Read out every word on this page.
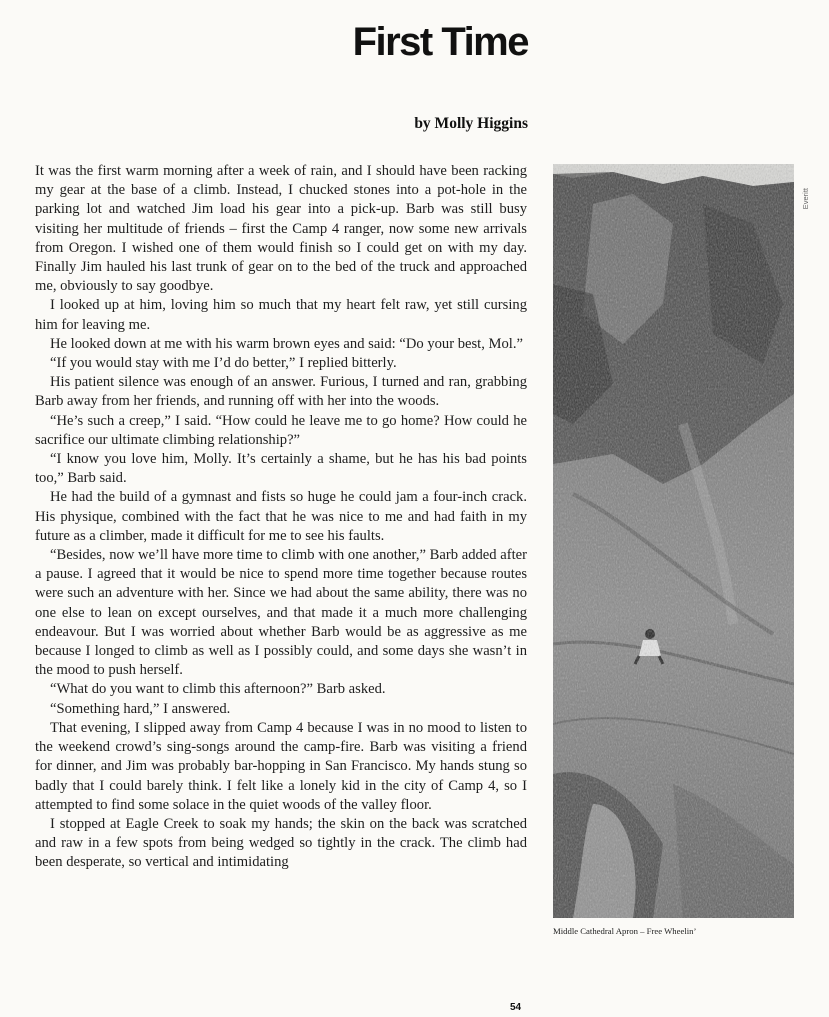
First Time
by Molly Higgins

It was the first warm morning after a week of rain, and I should have been racking my gear at the base of a climb. Instead, I chucked stones into a pot-hole in the parking lot and watched Jim load his gear into a pick-up. Barb was still busy visiting her multitude of friends – first the Camp 4 ranger, now some new arrivals from Oregon. I wished one of them would finish so I could get on with my day. Finally Jim hauled his last trunk of gear on to the bed of the truck and approached me, obviously to say goodbye.

I looked up at him, loving him so much that my heart felt raw, yet still cursing him for leaving me.

He looked down at me with his warm brown eyes and said: “Do your best, Mol.”

“If you would stay with me I’d do better,” I replied bitterly.

His patient silence was enough of an answer. Furious, I turned and ran, grabbing Barb away from her friends, and running off with her into the woods.

“He’s such a creep,” I said. “How could he leave me to go home? How could he sacrifice our ultimate climbing relationship?”

“I know you love him, Molly. It’s certainly a shame, but he has his bad points too,” Barb said.

He had the build of a gymnast and fists so huge he could jam a four-inch crack. His physique, combined with the fact that he was nice to me and had faith in my future as a climber, made it difficult for me to see his faults.

“Besides, now we’ll have more time to climb with one another,” Barb added after a pause. I agreed that it would be nice to spend more time together because routes were such an adventure with her. Since we had about the same ability, there was no one else to lean on except ourselves, and that made it a much more challenging endeavour. But I was worried about whether Barb would be as aggressive as me because I longed to climb as well as I possibly could, and some days she wasn’t in the mood to push herself.

“What do you want to climb this afternoon?” Barb asked.

“Something hard,” I answered.

That evening, I slipped away from Camp 4 because I was in no mood to listen to the weekend crowd’s sing-songs around the camp-fire. Barb was visiting a friend for dinner, and Jim was probably bar-hopping in San Francisco. My hands stung so badly that I could barely think. I felt like a lonely kid in the city of Camp 4, so I attempted to find some solace in the quiet woods of the valley floor.

I stopped at Eagle Creek to soak my hands; the skin on the back was scratched and raw in a few spots from being wedged so tightly in the crack. The climb had been desperate, so vertical and intimidating

Everitt
Middle Cathedral Apron – Free Wheelin’
54
